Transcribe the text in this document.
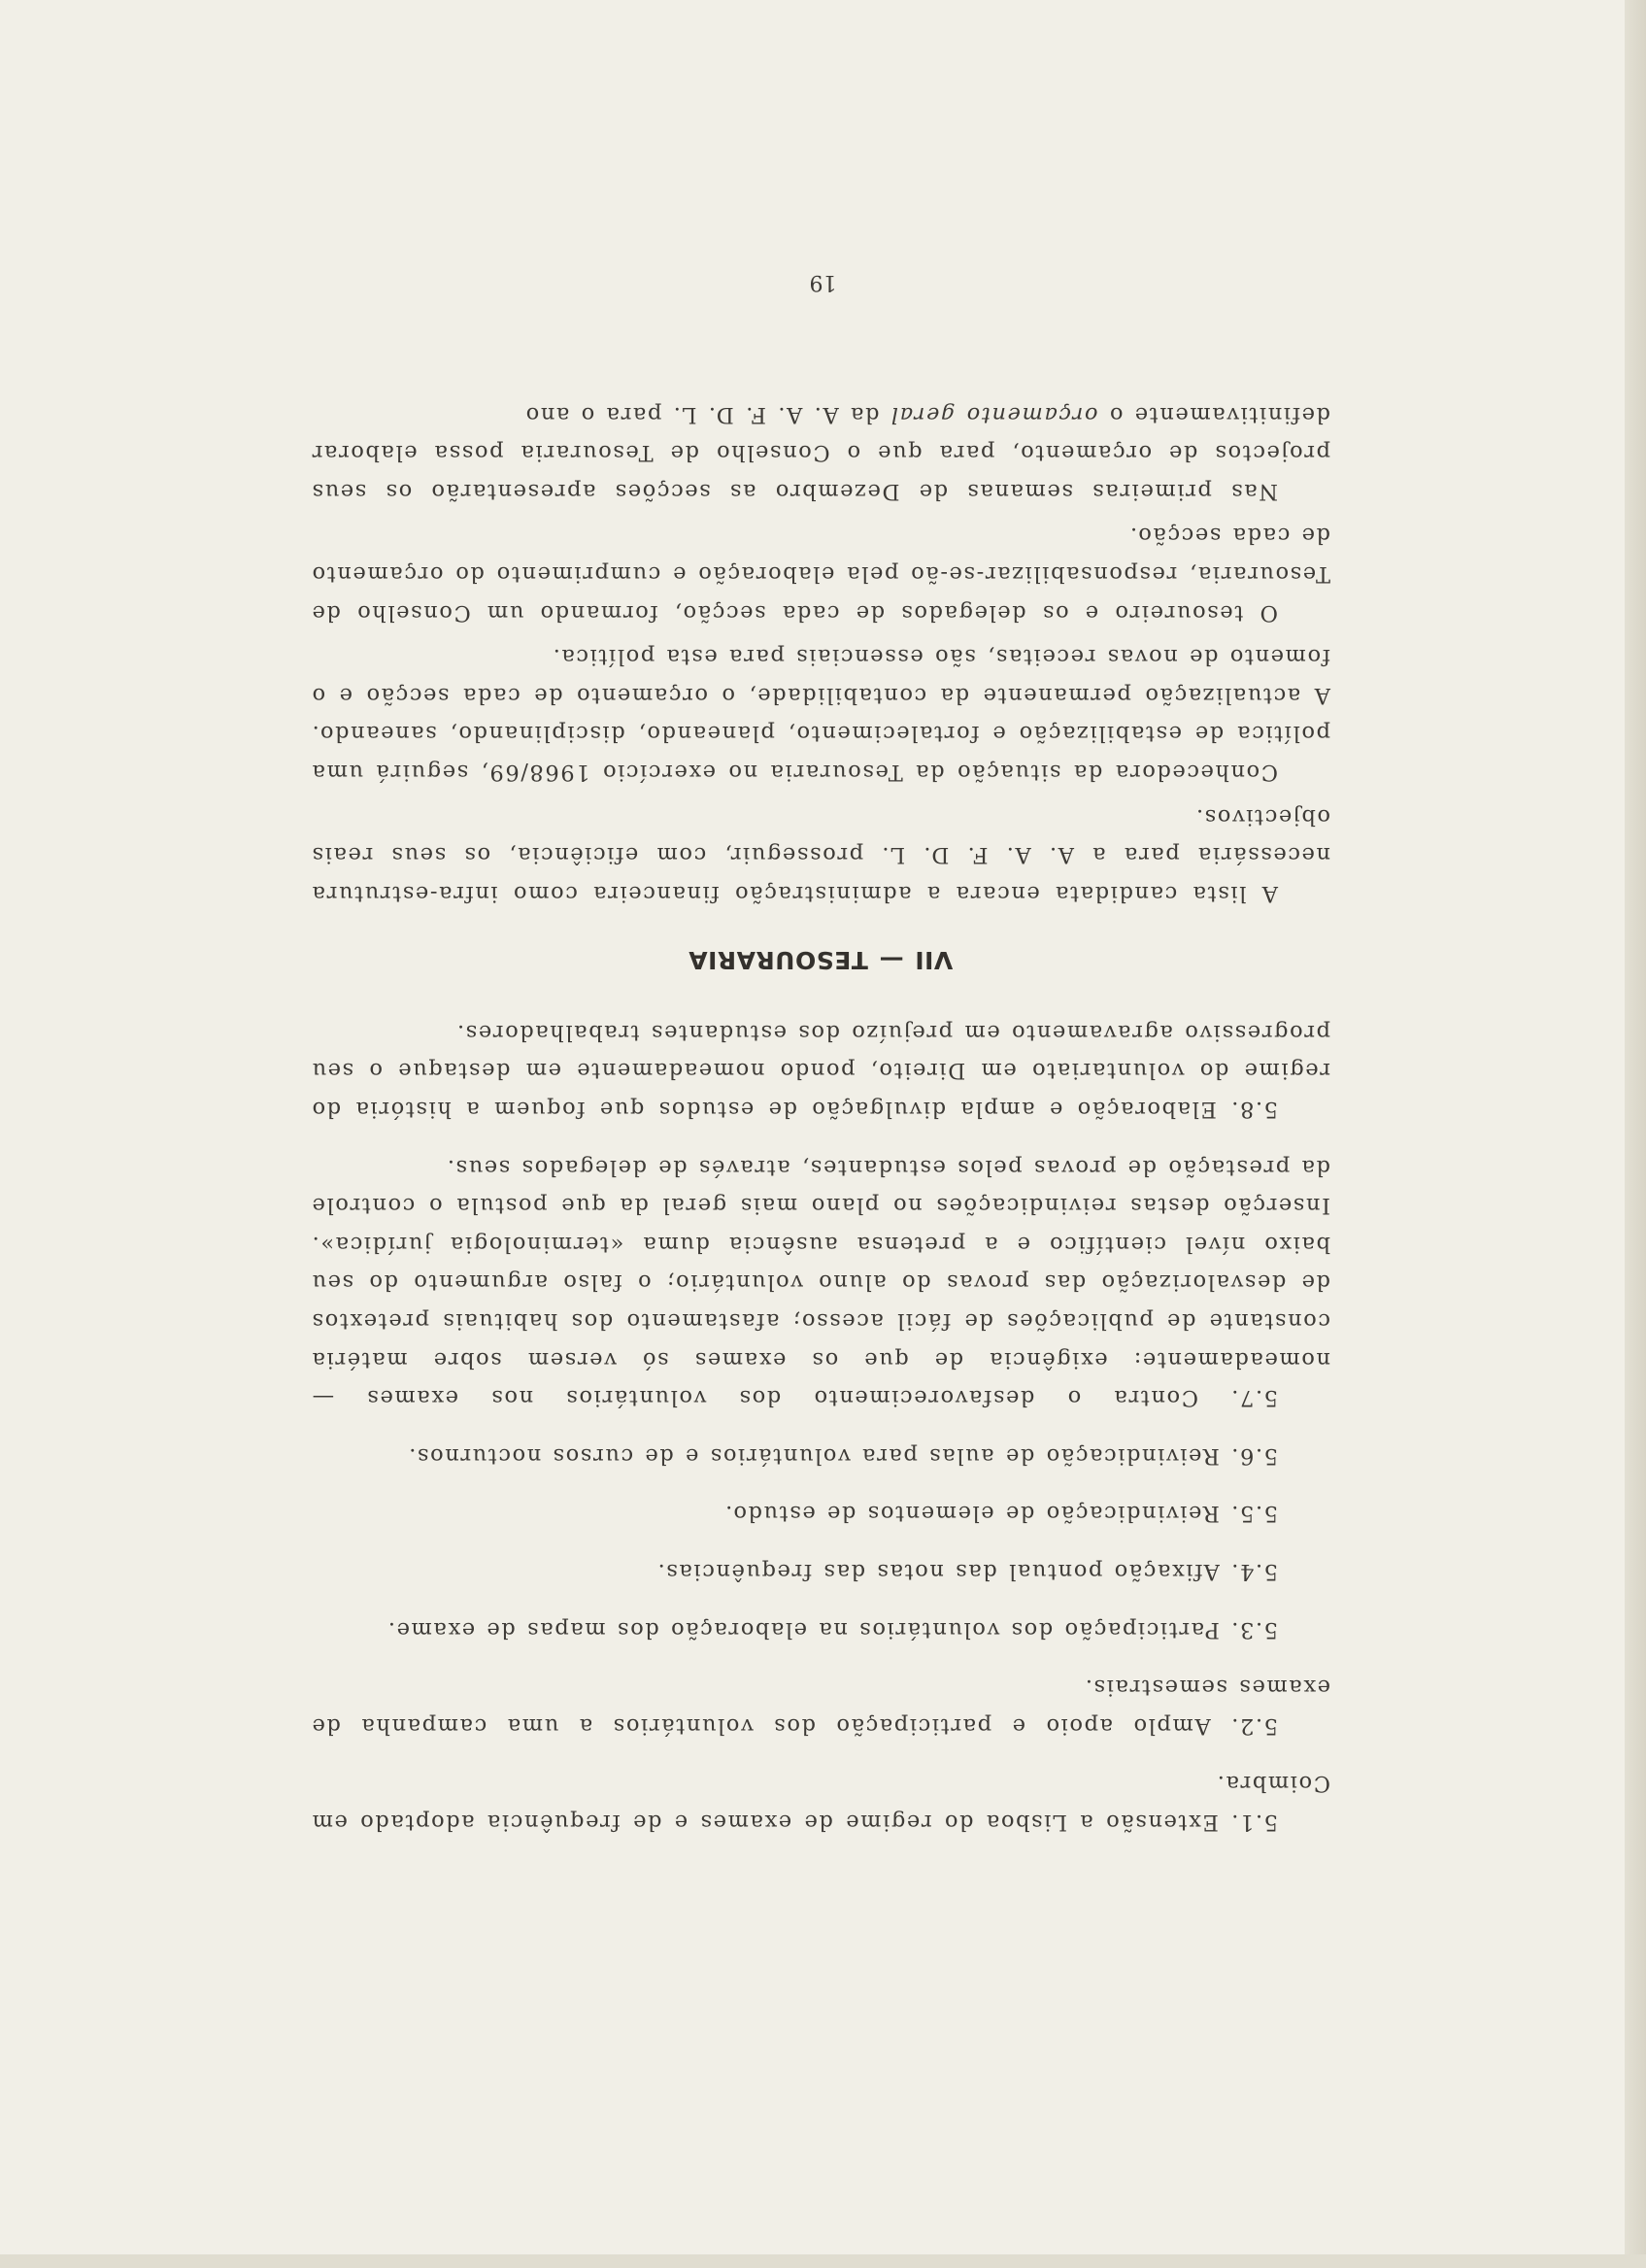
5.1. Extensão a Lisboa do regime de exames e de frequência adoptado em Coimbra.

5.2. Amplo apoio e participação dos voluntários a uma campanha de exames semestrais.

5.3. Participação dos voluntários na elaboração dos mapas de exame.

5.4. Afixação pontual das notas das frequências.

5.5. Reivindicação de elementos de estudo.

5.6. Reivindicação de aulas para voluntários e de cursos nocturnos.

5.7. Contra o desfavorecimento dos voluntários nos exames — nomeadamente: exigência de que os exames só versem sobre matéria constante de publicações de fácil acesso; afastamento dos habituais pretextos de desvalorização das provas do aluno voluntário; o falso argumento do seu baixo nível científico e a pretensa ausência duma «terminologia jurídica». Inserção destas reivindicações no plano mais geral da que postula o controle da prestação de provas pelos estudantes, através de delegados seus.

5.8. Elaboração e ampla divulgação de estudos que foquem a história do regime do voluntariato em Direito, pondo nomeadamente em destaque o seu progressivo agravamento em prejuízo dos estudantes trabalhadores.

VII — TESOURARIA

A lista candidata encara a administração financeira como infra-estrutura necessária para a A. A. F. D. L. prosseguir, com eficiência, os seus reais objectivos.

Conhecedora da situação da Tesouraria no exercício 1968/69, seguirá uma política de estabilização e fortalecimento, planeando, disciplinando, saneando. A actualização permanente da contabilidade, o orçamento de cada secção e o fomento de novas receitas, são essenciais para esta política.

O tesoureiro e os delegados de cada secção, formando um Conselho de Tesouraria, responsabilizar-se-ão pela elaboração e cumprimento do orçamento de cada secção.

Nas primeiras semanas de Dezembro as secções apresentarão os seus projectos de orçamento, para que o Conselho de Tesouraria possa elaborar definitivamente o orçamento geral da A. A. F. D. L. para o ano

19
